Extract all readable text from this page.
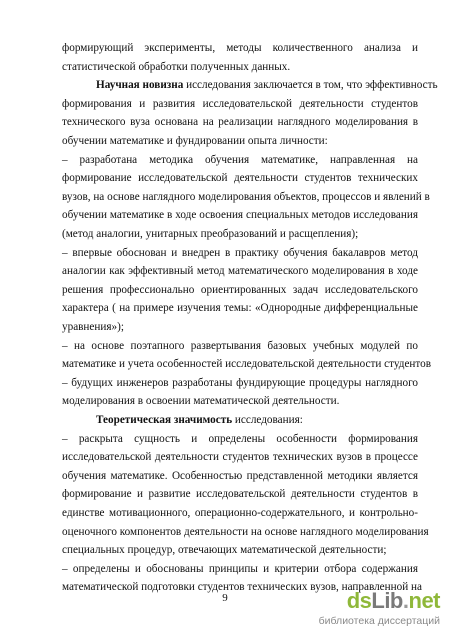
формирующий эксперименты, методы количественного анализа и
статистической обработки полученных данных.
Научная новизна исследования заключается в том, что эффективность
формирования и развития исследовательской деятельности студентов
технического вуза основана на реализации наглядного моделирования в
обучении математике и фундировании опыта личности:
– разработана методика обучения математике, направленная на
формирование исследовательской деятельности студентов технических
вузов, на основе наглядного моделирования объектов, процессов и явлений в
обучении математике в ходе освоения специальных методов исследования
(метод аналогии, унитарных преобразований и расщепления);
– впервые обоснован и внедрен в практику обучения бакалавров метод
аналогии как эффективный метод математического моделирования в ходе
решения профессионально ориентированных задач исследовательского
характера ( на примере изучения темы: «Однородные дифференциальные
уравнения»);
– на основе поэтапного развертывания базовых учебных модулей по
математике и учета особенностей исследовательской деятельности студентов
– будущих инженеров разработаны фундирующие процедуры наглядного
моделирования в освоении математической деятельности.
Теоретическая значимость исследования:
– раскрыта сущность и определены особенности формирования
исследовательской деятельности студентов технических вузов в процессе
обучения математике. Особенностью представленной методики является
формирование и развитие исследовательской деятельности студентов в
единстве мотивационного, операционно-содержательного, и контрольно-
оценочного компонентов деятельности на основе наглядного моделирования
специальных процедур, отвечающих математической деятельности;
– определены и обоснованы принципы и критерии отбора содержания
математической подготовки студентов технических вузов, направленной на
9	dsLib.net
библиотека диссертаций
